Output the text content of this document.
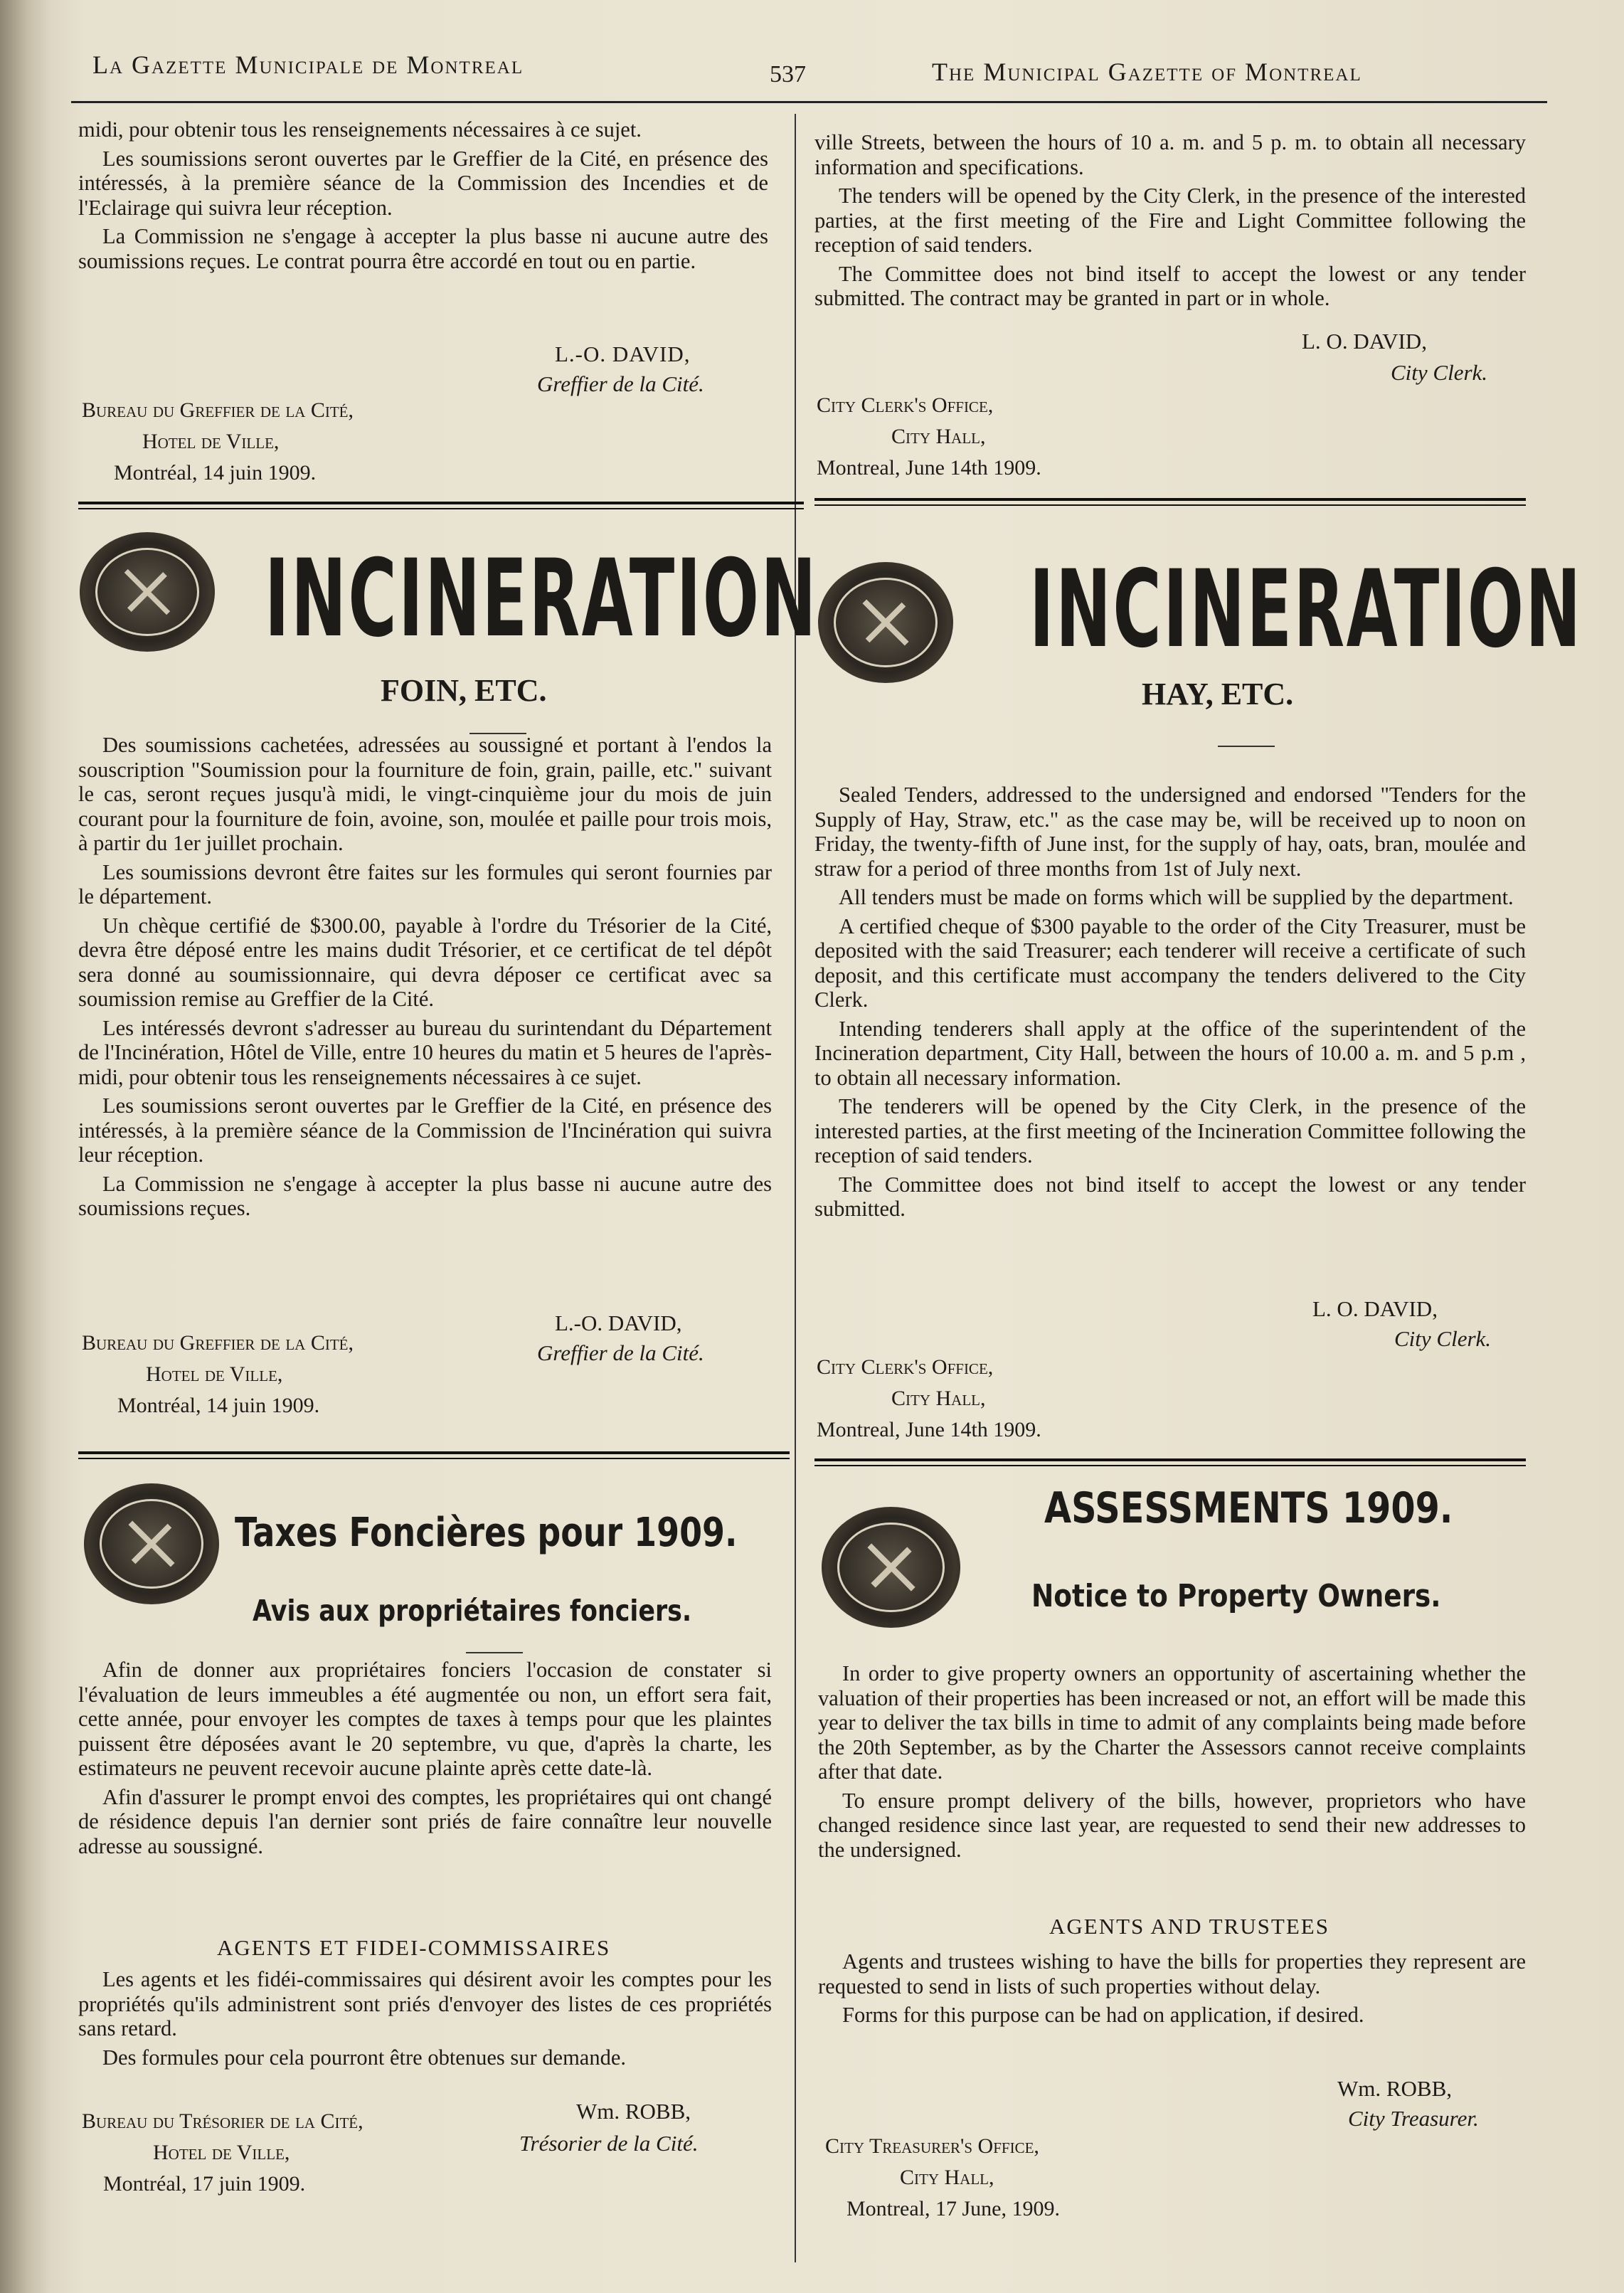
La Gazette Municipale de Montreal	537	The Municipal Gazette of Montreal

midi, pour obtenir tous les renseignements nécessaires à ce sujet.

Les soumissions seront ouvertes par le Greffier de la Cité, en présence des intéressés, à la première séance de la Commission des Incendies et de l'Eclairage qui suivra leur réception.

La Commission ne s'engage à accepter la plus basse ni aucune autre des soumissions reçues. Le contrat pourra être accordé en tout ou en partie.

L.-O. DAVID,
Greffier de la Cité.
Bureau du Greffier de la Cité,
Hotel de Ville,
Montréal, 14 juin 1909.

ville Streets, between the hours of 10 a. m. and 5 p. m. to obtain all necessary information and specifications.

The tenders will be opened by the City Clerk, in the presence of the interested parties, at the first meeting of the Fire and Light Committee following the reception of said tenders.

The Committee does not bind itself to accept the lowest or any tender submitted. The contract may be granted in part or in whole.

L. O. DAVID,
City Clerk.
City Clerk's Office,
City Hall,
Montreal, June 14th 1909.
INCINERATION
FOIN, ETC.

Des soumissions cachetées, adressées au soussigné et portant à l'endos la souscription "Soumission pour la fourniture de foin, grain, paille, etc." suivant le cas, seront reçues jusqu'à midi, le vingt-cinquième jour du mois de juin courant pour la fourniture de foin, avoine, son, moulée et paille pour trois mois, à partir du 1er juillet prochain.

Les soumissions devront être faites sur les formules qui seront fournies par le département.

Un chèque certifié de $300.00, payable à l'ordre du Trésorier de la Cité, devra être déposé entre les mains dudit Trésorier, et ce certificat de tel dépôt sera donné au soumissionnaire, qui devra déposer ce certificat avec sa soumission remise au Greffier de la Cité.

Les intéressés devront s'adresser au bureau du surintendant du Département de l'Incinération, Hôtel de Ville, entre 10 heures du matin et 5 heures de l'après-midi, pour obtenir tous les renseignements nécessaires à ce sujet.

Les soumissions seront ouvertes par le Greffier de la Cité, en présence des intéressés, à la première séance de la Commission de l'Incinération qui suivra leur réception.

La Commission ne s'engage à accepter la plus basse ni aucune autre des soumissions reçues.

L.-O. DAVID,
Greffier de la Cité.
Bureau du Greffier de la Cité,
Hotel de Ville,
Montréal, 14 juin 1909.
INCINERATION
HAY, ETC.

Sealed Tenders, addressed to the undersigned and endorsed "Tenders for the Supply of Hay, Straw, etc." as the case may be, will be received up to noon on Friday, the twenty-fifth of June inst, for the supply of hay, oats, bran, moulée and straw for a period of three months from 1st of July next.

All tenders must be made on forms which will be supplied by the department.

A certified cheque of $300 payable to the order of the City Treasurer, must be deposited with the said Treasurer; each tenderer will receive a certificate of such deposit, and this certificate must accompany the tenders delivered to the City Clerk.

Intending tenderers shall apply at the office of the superintendent of the Incineration department, City Hall, between the hours of 10.00 a. m. and 5 p.m , to obtain all necessary information.

The tenderers will be opened by the City Clerk, in the presence of the interested parties, at the first meeting of the Incineration Committee following the reception of said tenders.

The Committee does not bind itself to accept the lowest or any tender submitted.

L. O. DAVID,
City Clerk.
City Clerk's Office,
City Hall,
Montreal, June 14th 1909.
Taxes Foncières pour 1909.
Avis aux propriétaires fonciers.

Afin de donner aux propriétaires fonciers l'occasion de constater si l'évaluation de leurs immeubles a été augmentée ou non, un effort sera fait, cette année, pour envoyer les comptes de taxes à temps pour que les plaintes puissent être déposées avant le 20 septembre, vu que, d'après la charte, les estimateurs ne peuvent recevoir aucune plainte après cette date-là.

Afin d'assurer le prompt envoi des comptes, les propriétaires qui ont changé de résidence depuis l'an dernier sont priés de faire connaître leur nouvelle adresse au soussigné.

AGENTS ET FIDEI-COMMISSAIRES

Les agents et les fidéi-commissaires qui désirent avoir les comptes pour les propriétés qu'ils administrent sont priés d'envoyer des listes de ces propriétés sans retard.

Des formules pour cela pourront être obtenues sur demande.

Wm. ROBB,
Trésorier de la Cité.
Bureau du Trésorier de la Cité,
Hotel de Ville,
Montréal, 17 juin 1909.
ASSESSMENTS 1909.
Notice to Property Owners.

In order to give property owners an opportunity of ascertaining whether the valuation of their properties has been increased or not, an effort will be made this year to deliver the tax bills in time to admit of any complaints being made before the 20th September, as by the Charter the Assessors cannot receive complaints after that date.

To ensure prompt delivery of the bills, however, proprietors who have changed residence since last year, are requested to send their new addresses to the undersigned.

AGENTS AND TRUSTEES

Agents and trustees wishing to have the bills for properties they represent are requested to send in lists of such properties without delay.

Forms for this purpose can be had on application, if desired.

Wm. ROBB,
City Treasurer.
City Treasurer's Office,
City Hall,
Montreal, 17 June, 1909.
